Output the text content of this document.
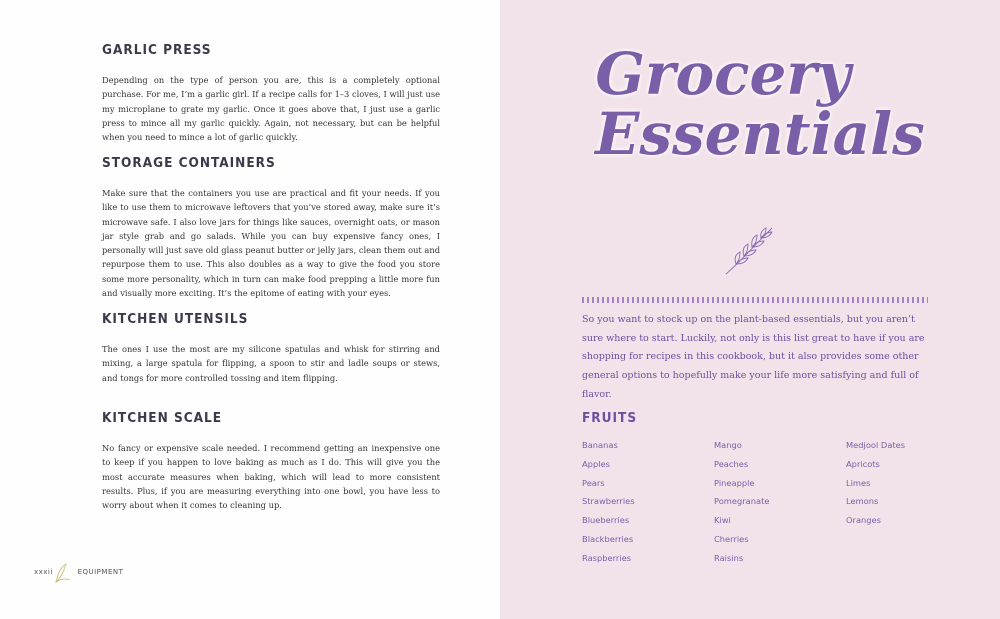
GARLIC PRESS

Depending on the type of person you are, this is a completely optional purchase. For me, I’m a garlic girl. If a recipe calls for 1–3 cloves, I will just use my microplane to grate my garlic. Once it goes above that, I just use a garlic press to mince all my garlic quickly. Again, not necessary, but can be helpful when you need to mince a lot of garlic quickly.

STORAGE CONTAINERS

Make sure that the containers you use are practical and fit your needs. If you like to use them to microwave leftovers that you’ve stored away, make sure it’s microwave safe. I also love jars for things like sauces, overnight oats, or mason jar style grab and go salads. While you can buy expensive fancy ones, I personally will just save old glass peanut butter or jelly jars, clean them out and repurpose them to use. This also doubles as a way to give the food you store some more personality, which in turn can make food prepping a little more fun and visually more exciting. It’s the epitome of eating with your eyes.

KITCHEN UTENSILS

The ones I use the most are my silicone spatulas and whisk for stirring and mixing, a large spatula for flipping, a spoon to stir and ladle soups or stews, and tongs for more controlled tossing and item flipping.

KITCHEN SCALE

No fancy or expensive scale needed. I recommend getting an inexpensive one to keep if you happen to love baking as much as I do. This will give you the most accurate measures when baking, which will lead to more consistent results. Plus, if you are measuring everything into one bowl, you have less to worry about when it comes to cleaning up.

xxxii	EQUIPMENT
Grocery
Essentials

So you want to stock up on the plant-based essentials, but you aren’t sure where to start. Luckily, not only is this list great to have if you are shopping for recipes in this cookbook, but it also provides some other general options to hopefully make your life more satisfying and full of flavor.

FRUITS
Bananas
Apples
Pears
Strawberries
Blueberries
Blackberries
Raspberries
Mango
Peaches
Pineapple
Pomegranate
Kiwi
Cherries
Raisins
Medjool Dates
Apricots
Limes
Lemons
Oranges
